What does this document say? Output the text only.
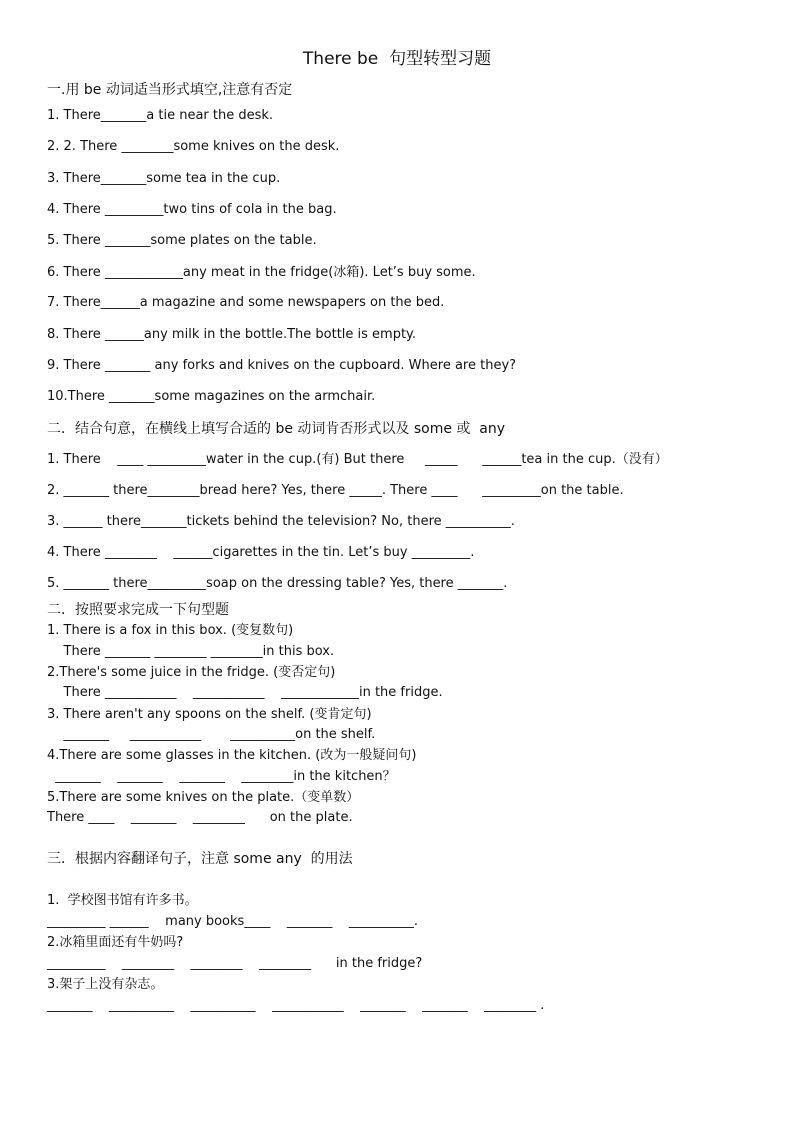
There be  句型转型习题
一.用 be 动词适当形式填空,注意有否定
1. There_______a tie near the desk.
2. 2. There ________some knives on the desk.
3. There_______some tea in the cup.
4. There _________two tins of cola in the bag.
5. There _______some plates on the table.
6. There ____________any meat in the fridge(冰箱). Let’s buy some.
7. There______a magazine and some newspapers on the bed.
8. There ______any milk in the bottle.The bottle is empty.
9. There _______ any forks and knives on the cupboard. Where are they?
10.There _______some magazines on the armchair.
二．结合句意，在横线上填写合适的 be 动词肯否形式以及 some 或  any
1. There    ____ _________water in the cup.(有) But there     _____      ______tea in the cup.（没有）
2. _______ there________bread here? Yes, there _____. There ____      _________on the table.
3. ______ there_______tickets behind the television? No, there __________.
4. There ________    ______cigarettes in the tin. Let’s buy _________.
5. _______ there_________soap on the dressing table? Yes, there _______.
二．按照要求完成一下句型题
1. There is a fox in this box. (变复数句)
There _______ ________ ________in this box.
2.There's some juice in the fridge. (变否定句)
There ___________    ___________    ____________in the fridge.
3. There aren't any spoons on the shelf. (变肯定句)
_______     ___________       __________on the shelf.
4.There are some glasses in the kitchen. (改为一般疑问句)
_______    _______    _______    ________in the kitchen？
5.There are some knives on the plate.（变单数）
There ____    _______    ________      on the plate.
三．根据内容翻译句子，注意 some any  的用法
1.  学校图书馆有许多书。
_________ ______    many books____    _______    __________.
2.冰箱里面还有牛奶吗?
_________    ________    ________    ________      in the fridge?
3.架子上没有杂志。
_______    __________    __________    ___________    _______    _______    ________ .
